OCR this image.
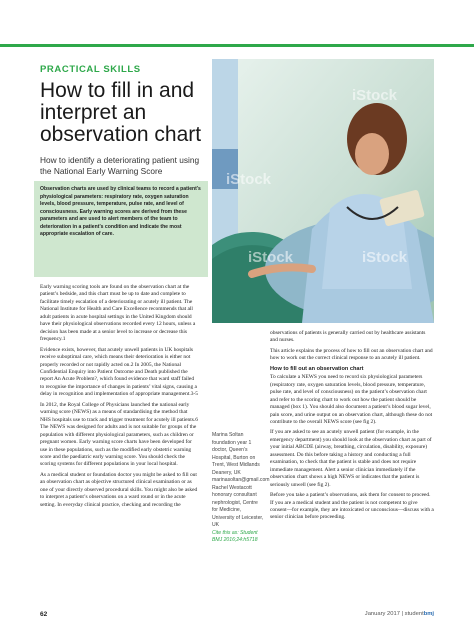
PRACTICAL SKILLS
How to fill in and interpret an observation chart
How to identify a deteriorating patient using the National Early Warning Score
Observation charts are used by clinical teams to record a patient’s physiological parameters: respiratory rate, oxygen saturation levels, blood pressure, temperature, pulse rate, and level of consciousness. Early warning scores are derived from these parameters and are used to alert members of the team to deterioration in a patient’s condition and indicate the most appropriate escalation of care.
iStock
iStock
iStock
iStock

Early warning scoring tools are found on the observation chart at the patient’s bedside, and this chart must be up to date and complete to facilitate timely escalation of a deteriorating or acutely ill patient. The National Institute for Health and Care Excellence recommends that all adult patients in acute hospital settings in the United Kingdom should have their physiological observations recorded every 12 hours, unless a decision has been made at a senior level to increase or decrease this frequency.1

Evidence exists, however, that acutely unwell patients in UK hospitals receive suboptimal care, which means their deterioration is either not properly recorded or not rapidly acted on.2 In 2005, the National Confidential Enquiry into Patient Outcome and Death published the report An Acute Problem?, which found evidence that ward staff failed to recognise the importance of changes in patients’ vital signs, causing a delay in recognition and implementation of appropriate management.3-5

In 2012, the Royal College of Physicians launched the national early warning score (NEWS) as a means of standardising the method that NHS hospitals use to track and trigger treatment for acutely ill patients.6 The NEWS was designed for adults and is not suitable for groups of the population with different physiological parameters, such as children or pregnant women. Early warning score charts have been developed for use in these populations, such as the modified early obstetric warning score and the paediatric early warning score. You should check the scoring systems for different populations in your local hospital.

As a medical student or foundation doctor you might be asked to fill out an observation chart as objective structured clinical examination or as one of your directly observed procedural skills. You might also be asked to interpret a patient’s observations on a ward round or in the acute setting. In everyday clinical practice, checking and recording the

Marina Soltan foundation year 1 doctor, Queen’s Hospital, Burton on Trent, West Midlands Deanery, UK
marinasoltan@gmail.com
Rachel Westacott honorary consultant nephrologist, Centre for Medicine, University of Leicester, UK
Cite this as: Student BMJ 2016;24:h5718

observations of patients is generally carried out by healthcare assistants and nurses.

This article explains the process of how to fill out an observation chart and how to work out the correct clinical response to an acutely ill patient.

How to fill out an observation chart

To calculate a NEWS you need to record six physiological parameters (respiratory rate, oxygen saturation levels, blood pressure, temperature, pulse rate, and level of consciousness) on the patient’s observation chart and refer to the scoring chart to work out how the patient should be managed (box 1). You should also document a patient’s blood sugar level, pain score, and urine output on an observation chart, although these do not contribute to the overall NEWS score (see fig 2).

If you are asked to see an acutely unwell patient (for example, in the emergency department) you should look at the observation chart as part of your initial ABCDE (airway, breathing, circulation, disability, exposure) assessment. Do this before taking a history and conducting a full examination, to check that the patient is stable and does not require immediate management. Alert a senior clinician immediately if the observation chart shows a high NEWS or indicates that the patient is seriously unwell (see fig 2).

Before you take a patient’s observations, ask them for consent to proceed. If you are a medical student and the patient is not competent to give consent—for example, they are intoxicated or unconscious—discuss with a senior clinician before proceeding.

62	January 2017 | studentbmj
